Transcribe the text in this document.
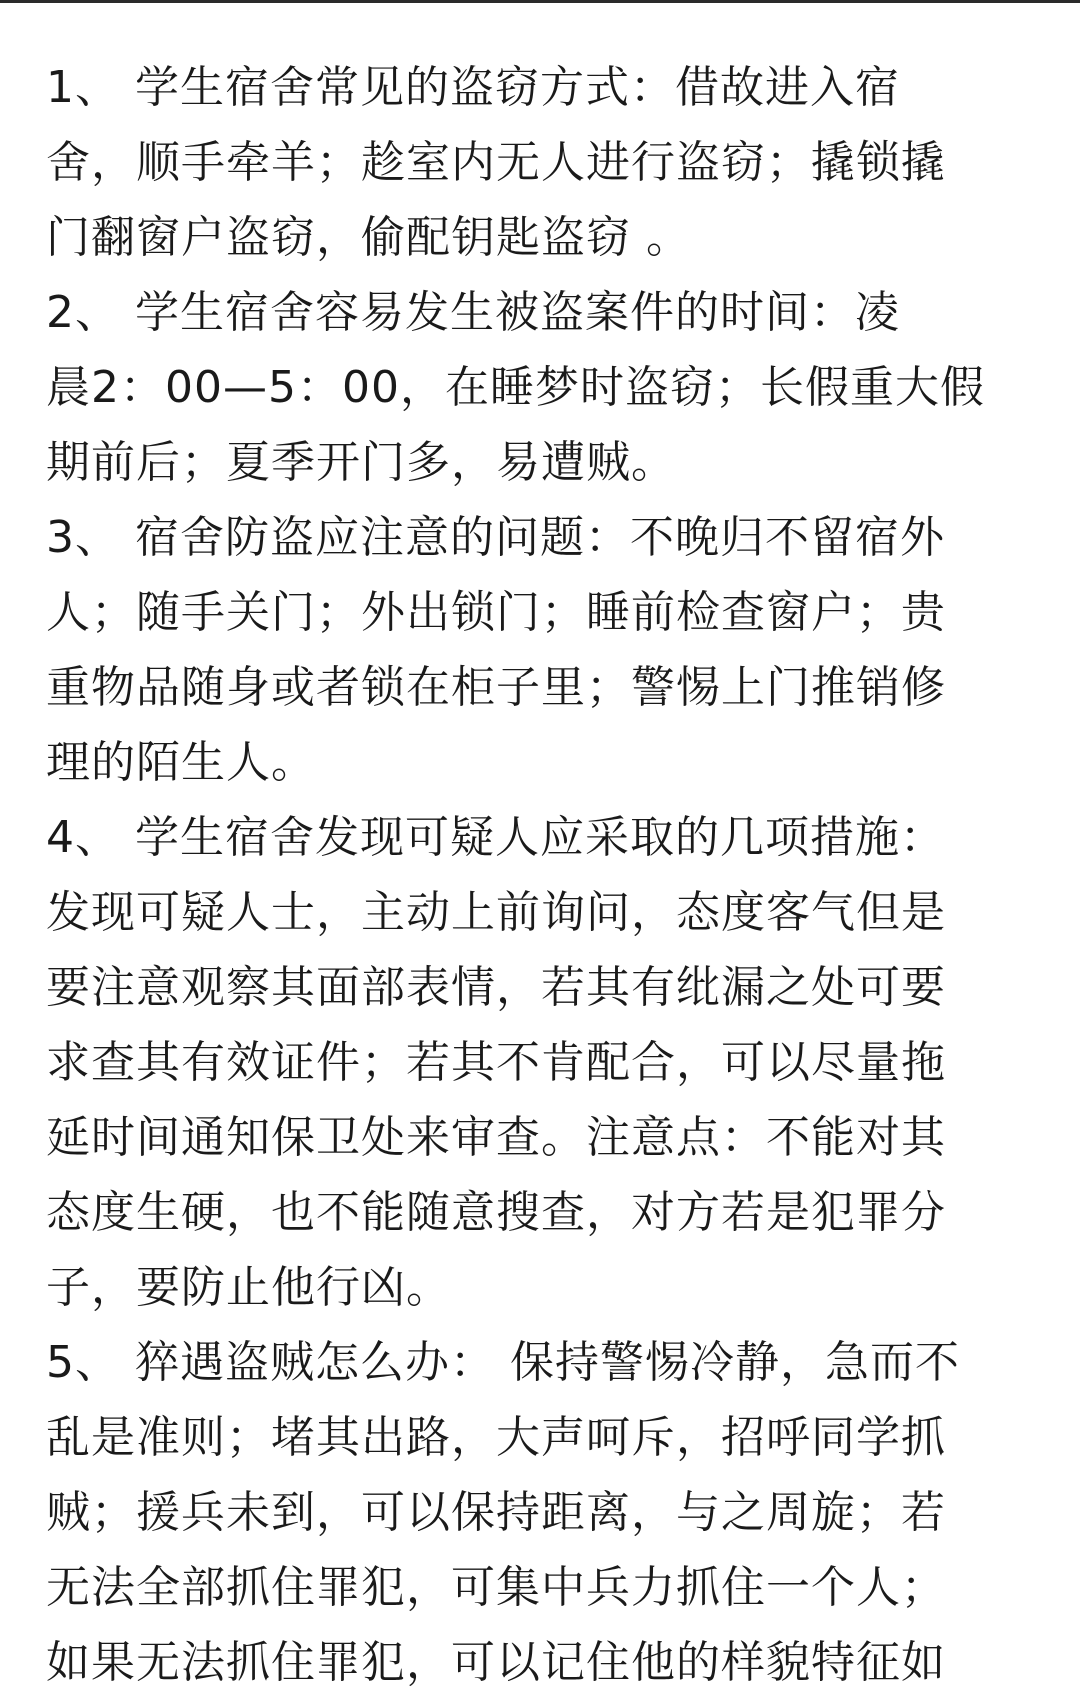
1、 学生宿舍常见的盗窃方式：借故进入宿
舍，顺手牵羊；趁室内无人进行盗窃；撬锁撬
门翻窗户盗窃，偷配钥匙盗窃 。
2、 学生宿舍容易发生被盗案件的时间：凌
晨2：00—5：00，在睡梦时盗窃；长假重大假
期前后；夏季开门多，易遭贼。
3、 宿舍防盗应注意的问题：不晚归不留宿外
人；随手关门；外出锁门；睡前检查窗户；贵
重物品随身或者锁在柜子里；警惕上门推销修
理的陌生人。
4、 学生宿舍发现可疑人应采取的几项措施：
发现可疑人士，主动上前询问，态度客气但是
要注意观察其面部表情，若其有纰漏之处可要
求查其有效证件；若其不肯配合，可以尽量拖
延时间通知保卫处来审查。注意点：不能对其
态度生硬，也不能随意搜查，对方若是犯罪分
子，要防止他行凶。
5、 猝遇盗贼怎么办： 保持警惕冷静，急而不
乱是准则；堵其出路，大声呵斥，招呼同学抓
贼；援兵未到，可以保持距离，与之周旋；若
无法全部抓住罪犯，可集中兵力抓住一个人；
如果无法抓住罪犯，可以记住他的样貌特征如
